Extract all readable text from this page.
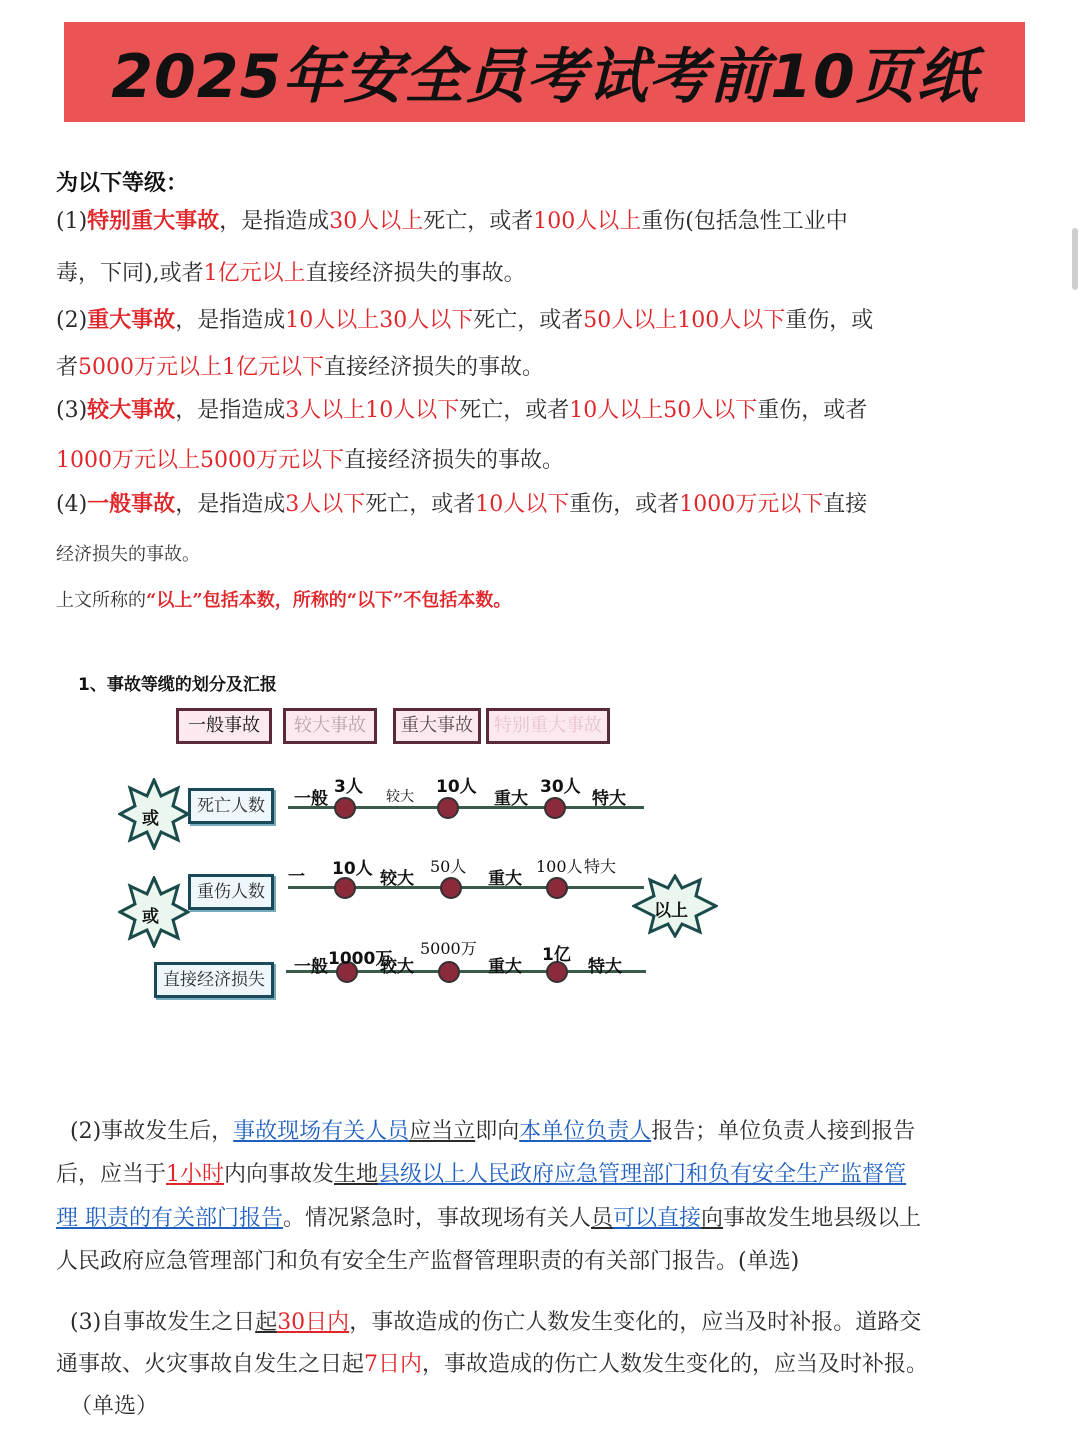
2025年安全员考试考前10页纸
为以下等级：
(1)特别重大事故，是指造成30人以上死亡，或者100人以上重伤(包括急性工业中
毒，下同),或者1亿元以上直接经济损失的事故。
(2)重大事故，是指造成10人以上30人以下死亡，或者50人以上100人以下重伤，或
者5000万元以上1亿元以下直接经济损失的事故。
(3)较大事故，是指造成3人以上10人以下死亡，或者10人以上50人以下重伤，或者
1000万元以上5000万元以下直接经济损失的事故。
(4)一般事故，是指造成3人以下死亡，或者10人以下重伤，或者1000万元以下直接
经济损失的事故。
上文所称的“以上”包括本数，所称的“以下”不包括本数。
1、事故等缆的划分及汇报
一般事故	较大事故	重大事故	特别重大事故
或
或	以上
死亡人数
重伤人数
直接经济损失
一般
3人 较大 10人
重大
30人
特大
一 10人 较大
50人
重大
100人 特大
一般 1000万
较大
5000万
重大
1亿
特大
(2)事故发生后，事故现场有关人员应当立即向本单位负责人报告；单位负责人接到报告
后，应当于1小时内向事故发生地县级以上人民政府应急管理部门和负有安全生产监督管
理 职责的有关部门报告。情况紧急时，事故现场有关人员可以直接向事故发生地县级以上
人民政府应急管理部门和负有安全生产监督管理职责的有关部门报告。(单选)
(3)自事故发生之日起30日内，事故造成的伤亡人数发生变化的，应当及时补报。道路交
通事故、火灾事故自发生之日起7日内，事故造成的伤亡人数发生变化的，应当及时补报。
（单选）
